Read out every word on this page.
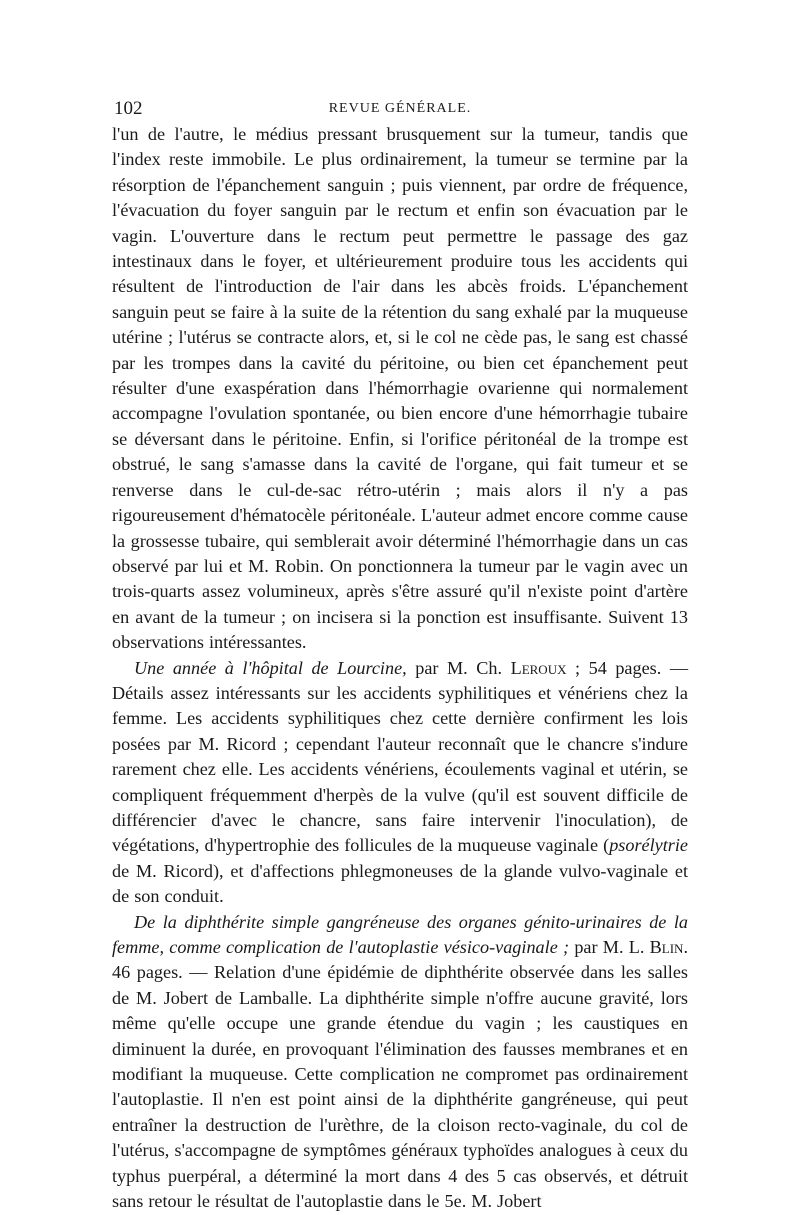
102	REVUE GÉNÉRALE.

l'un de l'autre, le médius pressant brusquement sur la tumeur, tandis que l'index reste immobile. Le plus ordinairement, la tumeur se termine par la résorption de l'épanchement sanguin ; puis viennent, par ordre de fréquence, l'évacuation du foyer sanguin par le rectum et enfin son évacuation par le vagin. L'ouverture dans le rectum peut permettre le passage des gaz intestinaux dans le foyer, et ultérieurement produire tous les accidents qui résultent de l'introduction de l'air dans les abcès froids. L'épanchement sanguin peut se faire à la suite de la rétention du sang exhalé par la muqueuse utérine ; l'utérus se contracte alors, et, si le col ne cède pas, le sang est chassé par les trompes dans la cavité du péritoine, ou bien cet épanchement peut résulter d'une exaspération dans l'hémorrhagie ovarienne qui normalement accompagne l'ovulation spontanée, ou bien encore d'une hémorrhagie tubaire se déversant dans le péritoine. Enfin, si l'orifice péritonéal de la trompe est obstrué, le sang s'amasse dans la cavité de l'organe, qui fait tumeur et se renverse dans le cul-de-sac rétro-utérin ; mais alors il n'y a pas rigoureusement d'hématocèle péritonéale. L'auteur admet encore comme cause la grossesse tubaire, qui semblerait avoir déterminé l'hémorrhagie dans un cas observé par lui et M. Robin. On ponctionnera la tumeur par le vagin avec un trois-quarts assez volumineux, après s'être assuré qu'il n'existe point d'artère en avant de la tumeur ; on incisera si la ponction est insuffisante. Suivent 13 observations intéressantes.

Une année à l'hôpital de Lourcine, par M. Ch. Leroux ; 54 pages. — Détails assez intéressants sur les accidents syphilitiques et vénériens chez la femme. Les accidents syphilitiques chez cette dernière confirment les lois posées par M. Ricord ; cependant l'auteur reconnaît que le chancre s'indure rarement chez elle. Les accidents vénériens, écoulements vaginal et utérin, se compliquent fréquemment d'herpès de la vulve (qu'il est souvent difficile de différencier d'avec le chancre, sans faire intervenir l'inoculation), de végétations, d'hypertrophie des follicules de la muqueuse vaginale (psorélytrie de M. Ricord), et d'affections phlegmoneuses de la glande vulvo-vaginale et de son conduit.

De la diphthérite simple gangréneuse des organes génito-urinaires de la femme, comme complication de l'autoplastie vésico-vaginale ; par M. L. Blin. 46 pages. — Relation d'une épidémie de diphthérite observée dans les salles de M. Jobert de Lamballe. La diphthérite simple n'offre aucune gravité, lors même qu'elle occupe une grande étendue du vagin ; les caustiques en diminuent la durée, en provoquant l'élimination des fausses membranes et en modifiant la muqueuse. Cette complication ne compromet pas ordinairement l'autoplastie. Il n'en est point ainsi de la diphthérite gangréneuse, qui peut entraîner la destruction de l'urèthre, de la cloison recto-vaginale, du col de l'utérus, s'accompagne de symptômes généraux typhoïdes analogues à ceux du typhus puerpéral, a déterminé la mort dans 4 des 5 cas observés, et détruit sans retour le résultat de l'autoplastie dans le 5e. M. Jobert
